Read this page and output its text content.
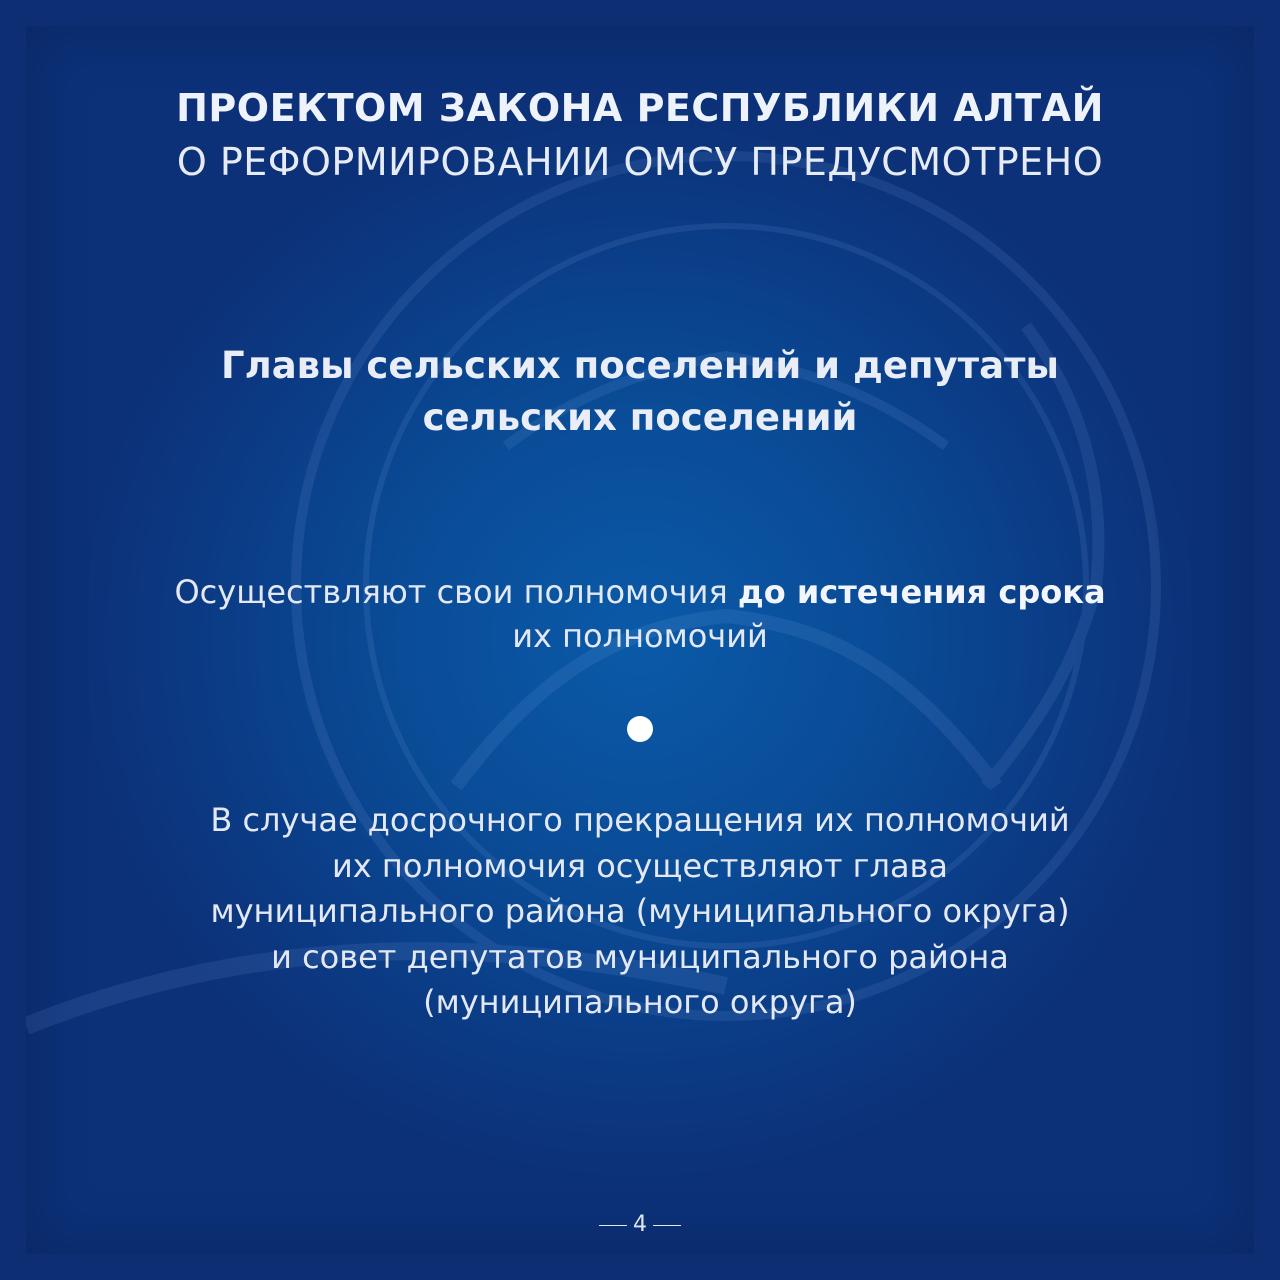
ПРОЕКТОМ ЗАКОНА РЕСПУБЛИКИ АЛТАЙ
О РЕФОРМИРОВАНИИ ОМСУ ПРЕДУСМОТРЕНО
Главы сельских поселений и депутаты
сельских поселений
Осуществляют свои полномочия до истечения срока
их полномочий
В случае досрочного прекращения их полномочий
их полномочия осуществляют глава
муниципального района (муниципального округа)
и совет депутатов муниципального района
(муниципального округа)
4
